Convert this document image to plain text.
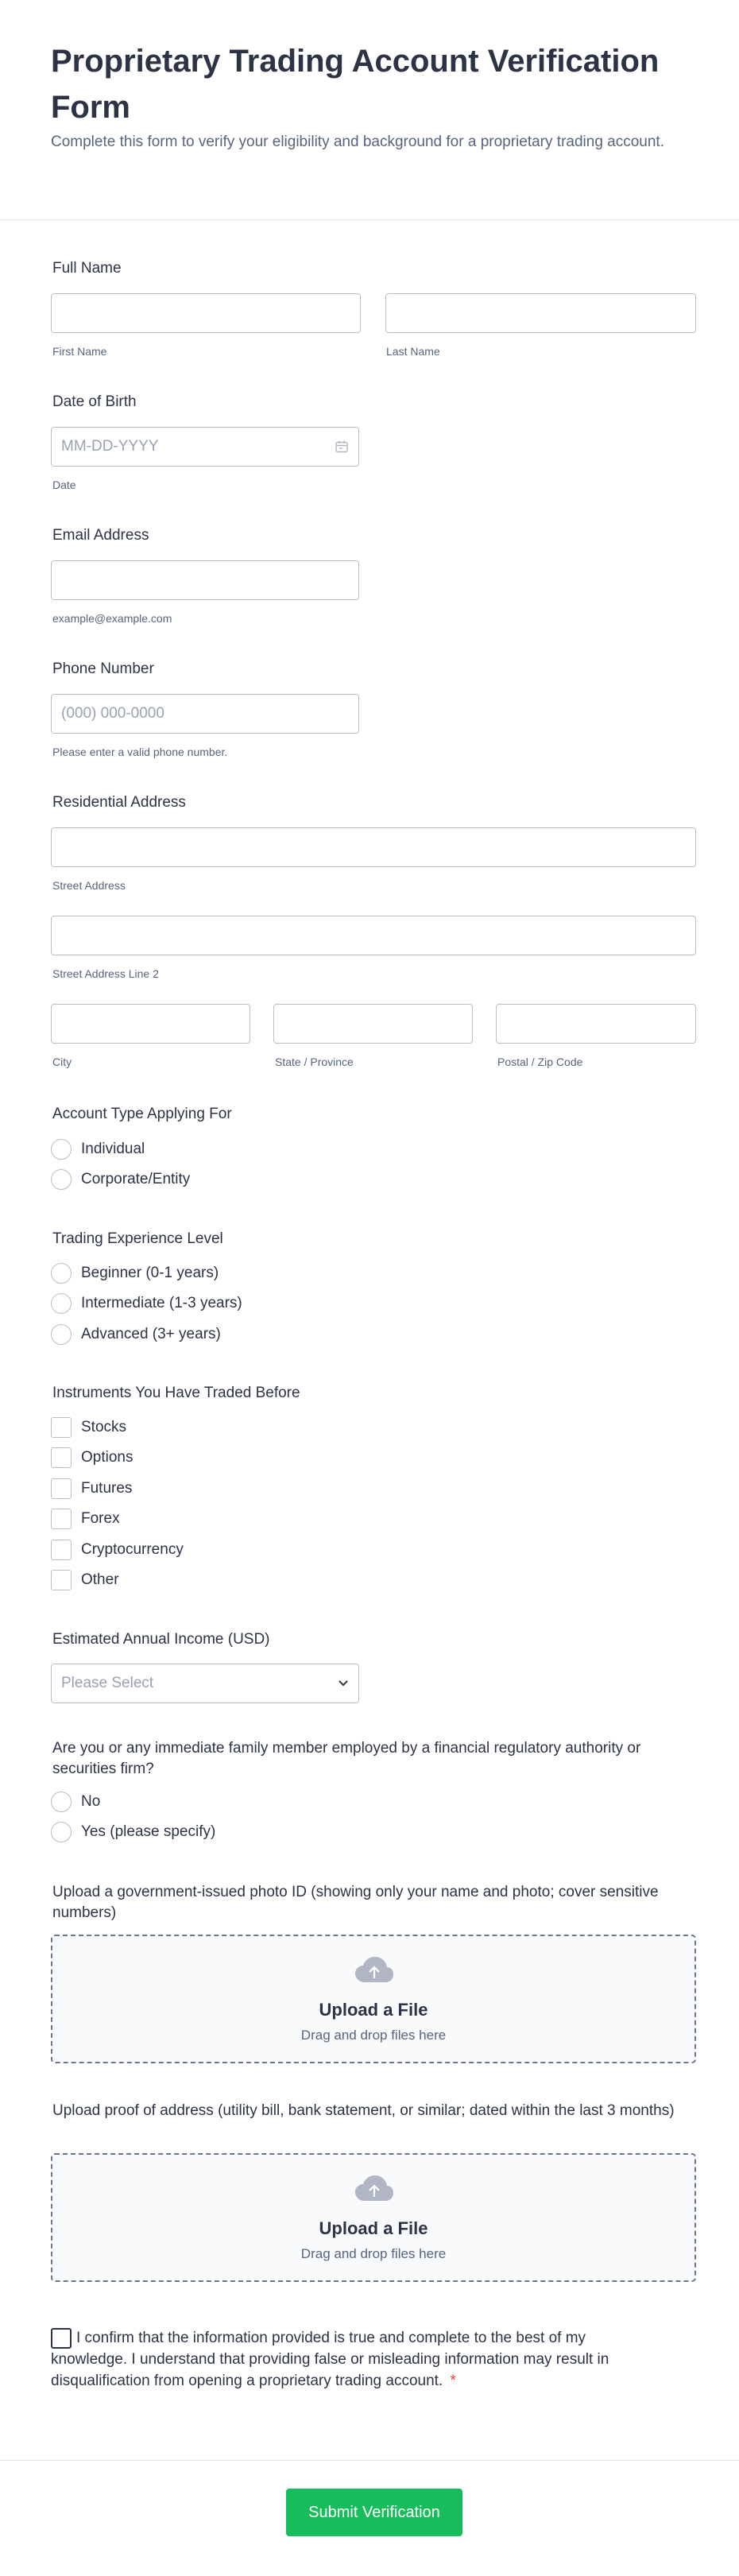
Proprietary Trading Account Verification Form
Complete this form to verify your eligibility and background for a proprietary trading account.
Full Name
First Name	Last Name
Date of Birth
MM-DD-YYYY
Date
Email Address
example@example.com
Phone Number
(000) 000-0000
Please enter a valid phone number.
Residential Address
Street Address
Street Address Line 2
City	State / Province	Postal / Zip Code
Account Type Applying For
Individual
Corporate/Entity
Trading Experience Level
Beginner (0-1 years)
Intermediate (1-3 years)
Advanced (3+ years)
Instruments You Have Traded Before
Stocks
Options
Futures
Forex
Cryptocurrency
Other
Estimated Annual Income (USD)
Please Select
Are you or any immediate family member employed by a financial regulatory authority or securities firm?
No
Yes (please specify)
Upload a government-issued photo ID (showing only your name and photo; cover sensitive numbers)
Upload a File
Drag and drop files here
Upload proof of address (utility bill, bank statement, or similar; dated within the last 3 months)
Upload a File
Drag and drop files here
I confirm that the information provided is true and complete to the best of my knowledge. I understand that providing false or misleading information may result in disqualification from opening a proprietary trading account. *
Submit Verification
